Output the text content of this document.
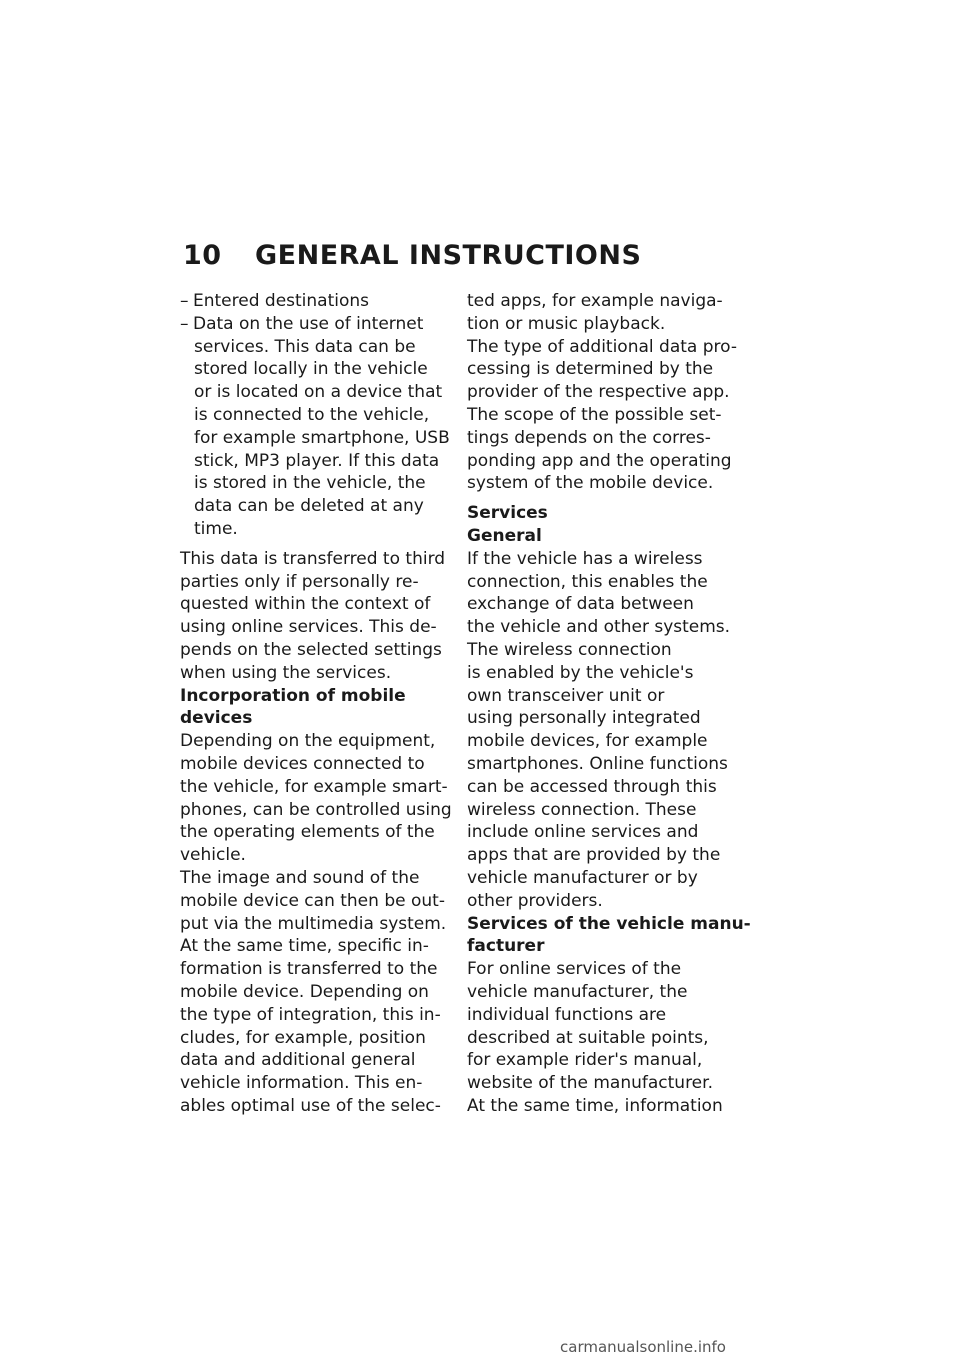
10	GENERAL INSTRUCTIONS
– Entered destinations
– Data on the use of internet
services. This data can be
stored locally in the vehicle
or is located on a device that
is connected to the vehicle,
for example smartphone, USB
stick, MP3 player. If this data
is stored in the vehicle, the
data can be deleted at any
time.
This data is transferred to third
parties only if personally re-
quested within the context of
using online services. This de-
pends on the selected settings
when using the services.
Incorporation of mobile
devices
Depending on the equipment,
mobile devices connected to
the vehicle, for example smart-
phones, can be controlled using
the operating elements of the
vehicle.
The image and sound of the
mobile device can then be out-
put via the multimedia system.
At the same time, specific in-
formation is transferred to the
mobile device. Depending on
the type of integration, this in-
cludes, for example, position
data and additional general
vehicle information. This en-
ables optimal use of the selec-
ted apps, for example naviga-
tion or music playback.
The type of additional data pro-
cessing is determined by the
provider of the respective app.
The scope of the possible set-
tings depends on the corres-
ponding app and the operating
system of the mobile device.
Services
General
If the vehicle has a wireless
connection, this enables the
exchange of data between
the vehicle and other systems.
The wireless connection
is enabled by the vehicle's
own transceiver unit or
using personally integrated
mobile devices, for example
smartphones. Online functions
can be accessed through this
wireless connection. These
include online services and
apps that are provided by the
vehicle manufacturer or by
other providers.
Services of the vehicle manu-
facturer
For online services of the
vehicle manufacturer, the
individual functions are
described at suitable points,
for example rider's manual,
website of the manufacturer.
At the same time, information
carmanualsonline.info
